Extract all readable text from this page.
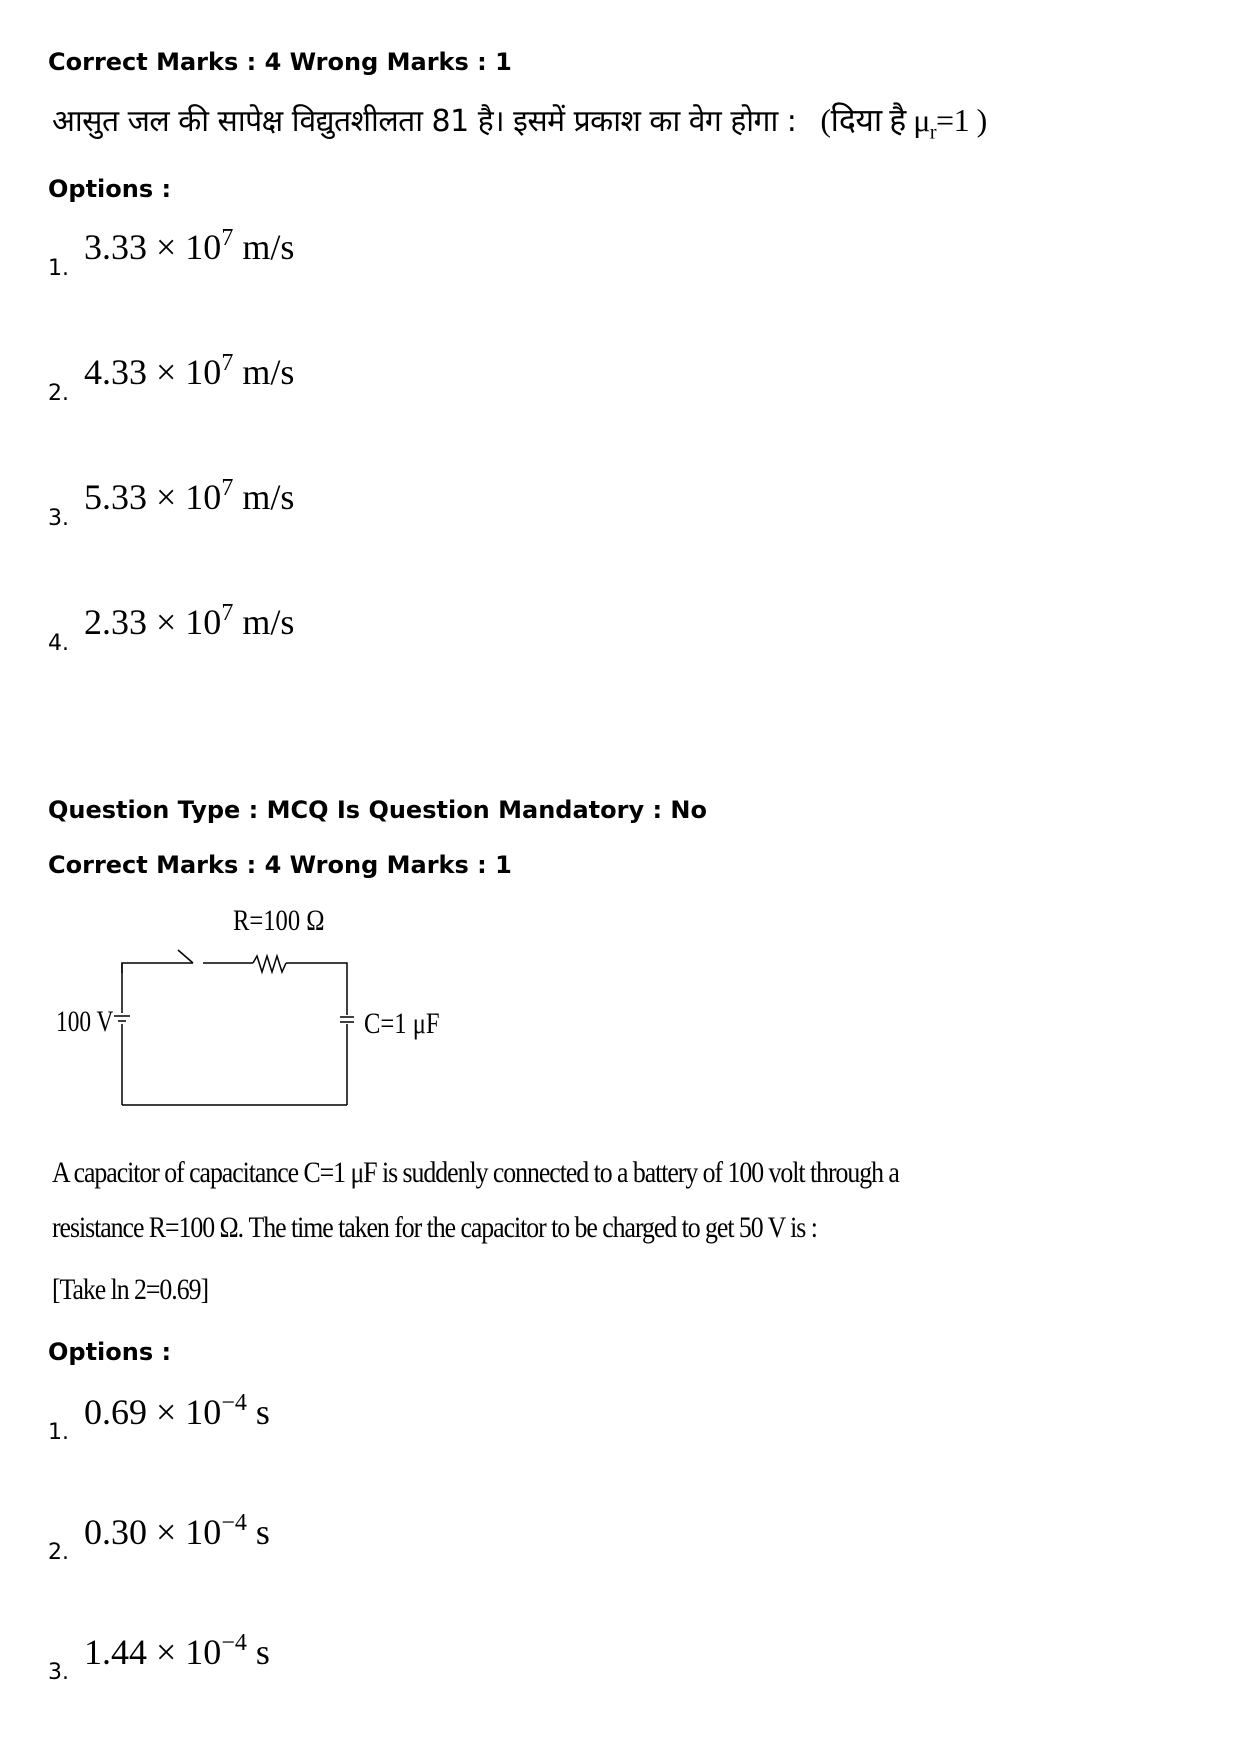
Correct Marks : 4 Wrong Marks : 1
आसुत जल की सापेक्ष विद्युतशीलता 81 है। इसमें प्रकाश का वेग होगा : (दिया है $\mu_r=1$ )
Options :
1.
$3.33 \times 10^7$ m/s
2.
$4.33 \times 10^7$ m/s
3.
$5.33 \times 10^7$ m/s
4.
$2.33 \times 10^7$ m/s
Question Type : MCQ Is Question Mandatory : No
Correct Marks : 4 Wrong Marks : 1
R=100 Ω
100 V	C=1 μF
A capacitor of capacitance C=1 μF is suddenly connected to a battery of 100 volt through a
resistance R=100 Ω. The time taken for the capacitor to be charged to get 50 V is :
[Take ln 2=0.69]
Options :
1.
$0.69 \times 10^{-4}$ s
2.
$0.30 \times 10^{-4}$ s
3.
$1.44 \times 10^{-4}$ s
